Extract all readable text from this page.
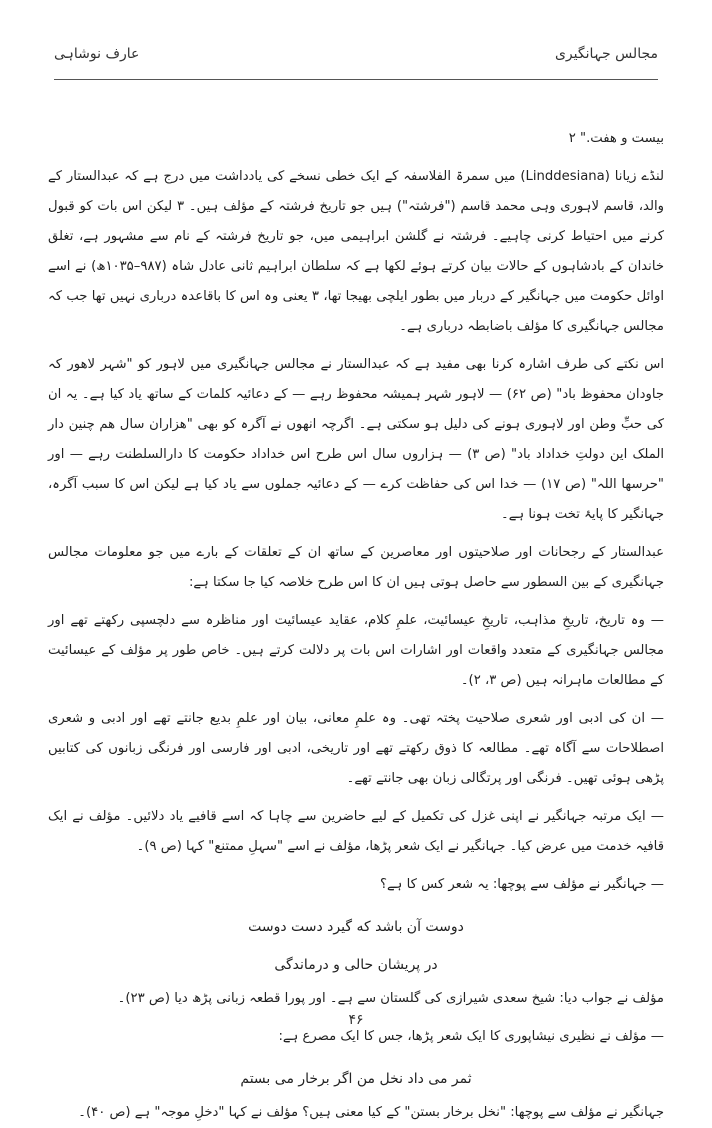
مجالس جہانگیری
عارف نوشاہی

بیست و ھفت." ۲

لنڈے زیانا (Linddesiana) میں سمرۃ الفلاسفہ کے ایک خطی نسخے کی یادداشت میں درج ہے کہ عبدالستار کے والد، قاسم لاہوری وہی محمد قاسم ("فرشتہ") ہیں جو تاریخ فرشتہ کے مؤلف ہیں۔ ۳ لیکن اس بات کو قبول کرنے میں احتیاط کرنی چاہیے۔ فرشتہ نے گلشن ابراہیمی میں، جو تاریخ فرشتہ کے نام سے مشہور ہے، تغلق خاندان کے بادشاہوں کے حالات بیان کرتے ہوئے لکھا ہے کہ سلطان ابراہیم ثانی عادل شاہ (۹۸۷–۱۰۳۵ھ) نے اسے اوائل حکومت میں جہانگیر کے دربار میں بطور ایلچی بھیجا تھا، ۳ یعنی وہ اس کا باقاعدہ درباری نہیں تھا جب کہ مجالس جہانگیری کا مؤلف باضابطہ درباری ہے۔

اس نکتے کی طرف اشارہ کرنا بھی مفید ہے کہ عبدالستار نے مجالس جہانگیری میں لاہور کو "شہر لاھور کہ جاودان محفوظ باد" (ص ۶۲) — لاہور شہر ہمیشہ محفوظ رہے — کے دعائیہ کلمات کے ساتھ یاد کیا ہے۔ یہ ان کی حبِّ وطن اور لاہوری ہونے کی دلیل ہو سکتی ہے۔ اگرچہ انھوں نے آگرہ کو بھی "ھزاران سال ھم چنین دار الملک این دولتِ خداداد باد" (ص ۳) — ہزاروں سال اس طرح اس خداداد حکومت کا دارالسلطنت رہے — اور "حرسھا اللہ" (ص ۱۷) — خدا اس کی حفاظت کرے — کے دعائیہ جملوں سے یاد کیا ہے لیکن اس کا سبب آگرہ، جہانگیر کا پایۂ تخت ہونا ہے۔

عبدالستار کے رجحانات اور صلاحیتوں اور معاصرین کے ساتھ ان کے تعلقات کے بارے میں جو معلومات مجالس جہانگیری کے بین السطور سے حاصل ہوتی ہیں ان کا اس طرح خلاصہ کیا جا سکتا ہے:

— وہ تاریخ، تاریخِ مذاہب، تاریخِ عیسائیت، علمِ کلام، عقاید عیسائیت اور مناظرہ سے دلچسپی رکھتے تھے اور مجالس جہانگیری کے متعدد واقعات اور اشارات اس بات پر دلالت کرتے ہیں۔ خاص طور پر مؤلف کے عیسائیت کے مطالعات ماہرانہ ہیں (ص ۳، ۲)۔

— ان کی ادبی اور شعری صلاحیت پختہ تھی۔ وہ علمِ معانی، بیان اور علمِ بدیع جانتے تھے اور ادبی و شعری اصطلاحات سے آگاہ تھے۔ مطالعہ کا ذوق رکھتے تھے اور تاریخی، ادبی اور فارسی اور فرنگی زبانوں کی کتابیں پڑھی ہوئی تھیں۔ فرنگی اور پرتگالی زبان بھی جانتے تھے۔

— ایک مرتبہ جہانگیر نے اپنی غزل کی تکمیل کے لیے حاضرین سے چاہا کہ اسے قافیے یاد دلائیں۔ مؤلف نے ایک قافیہ خدمت میں عرض کیا۔ جہانگیر نے ایک شعر پڑھا، مؤلف نے اسے "سہلِ ممتنع" کہا (ص ۹)۔

— جہانگیر نے مؤلف سے پوچھا: یہ شعر کس کا ہے؟

دوست آن باشد که گیرد دست دوست
در پریشان حالی و درماندگی

مؤلف نے جواب دیا: شیخ سعدی شیرازی کی گلستان سے ہے۔ اور پورا قطعہ زبانی پڑھ دیا (ص ۲۳)۔

— مؤلف نے نظیری نیشاپوری کا ایک شعر پڑھا، جس کا ایک مصرع ہے:

ثمر می داد نخل من اگر برخار می بستم

جہانگیر نے مؤلف سے پوچھا: "نخل برخار بستن" کے کیا معنی ہیں؟ مؤلف نے کہا "دخلِ موجہ" ہے (ص ۴۰)۔

۴۶
